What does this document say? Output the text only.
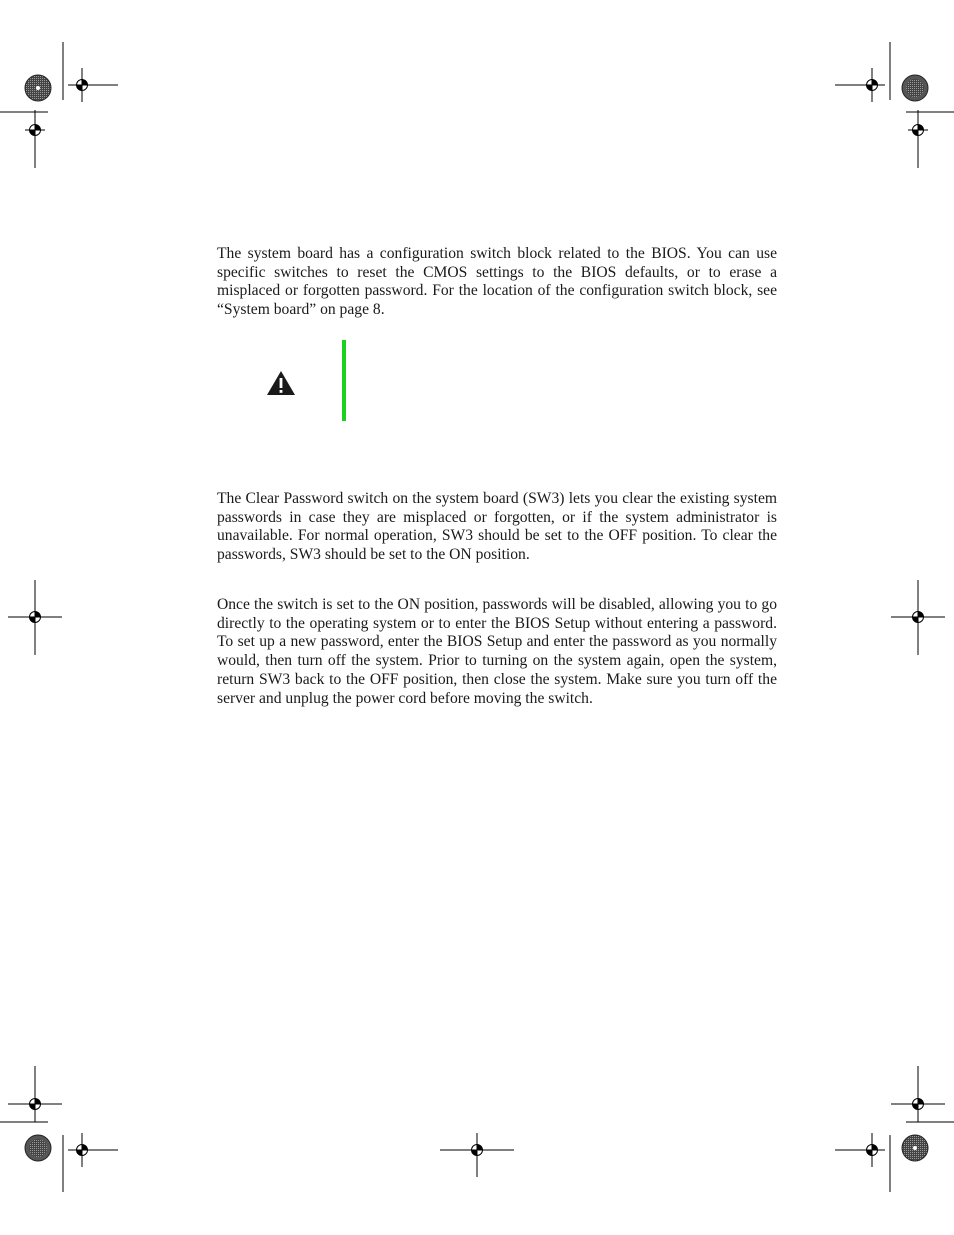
The system board has a configuration switch block related to the BIOS. You can use specific switches to reset the CMOS settings to the BIOS defaults, or to erase a misplaced or forgotten password. For the location of the configuration switch block, see “System board” on page 8.

The Clear Password switch on the system board (SW3) lets you clear the existing system passwords in case they are misplaced or forgotten, or if the system administrator is unavailable. For normal operation, SW3 should be set to the OFF position. To clear the passwords, SW3 should be set to the ON position.

Once the switch is set to the ON position, passwords will be disabled, allowing you to go directly to the operating system or to enter the BIOS Setup without entering a password. To set up a new password, enter the BIOS Setup and enter the password as you normally would, then turn off the system. Prior to turning on the system again, open the system, return SW3 back to the OFF position, then close the system. Make sure you turn off the server and unplug the power cord before moving the switch.
